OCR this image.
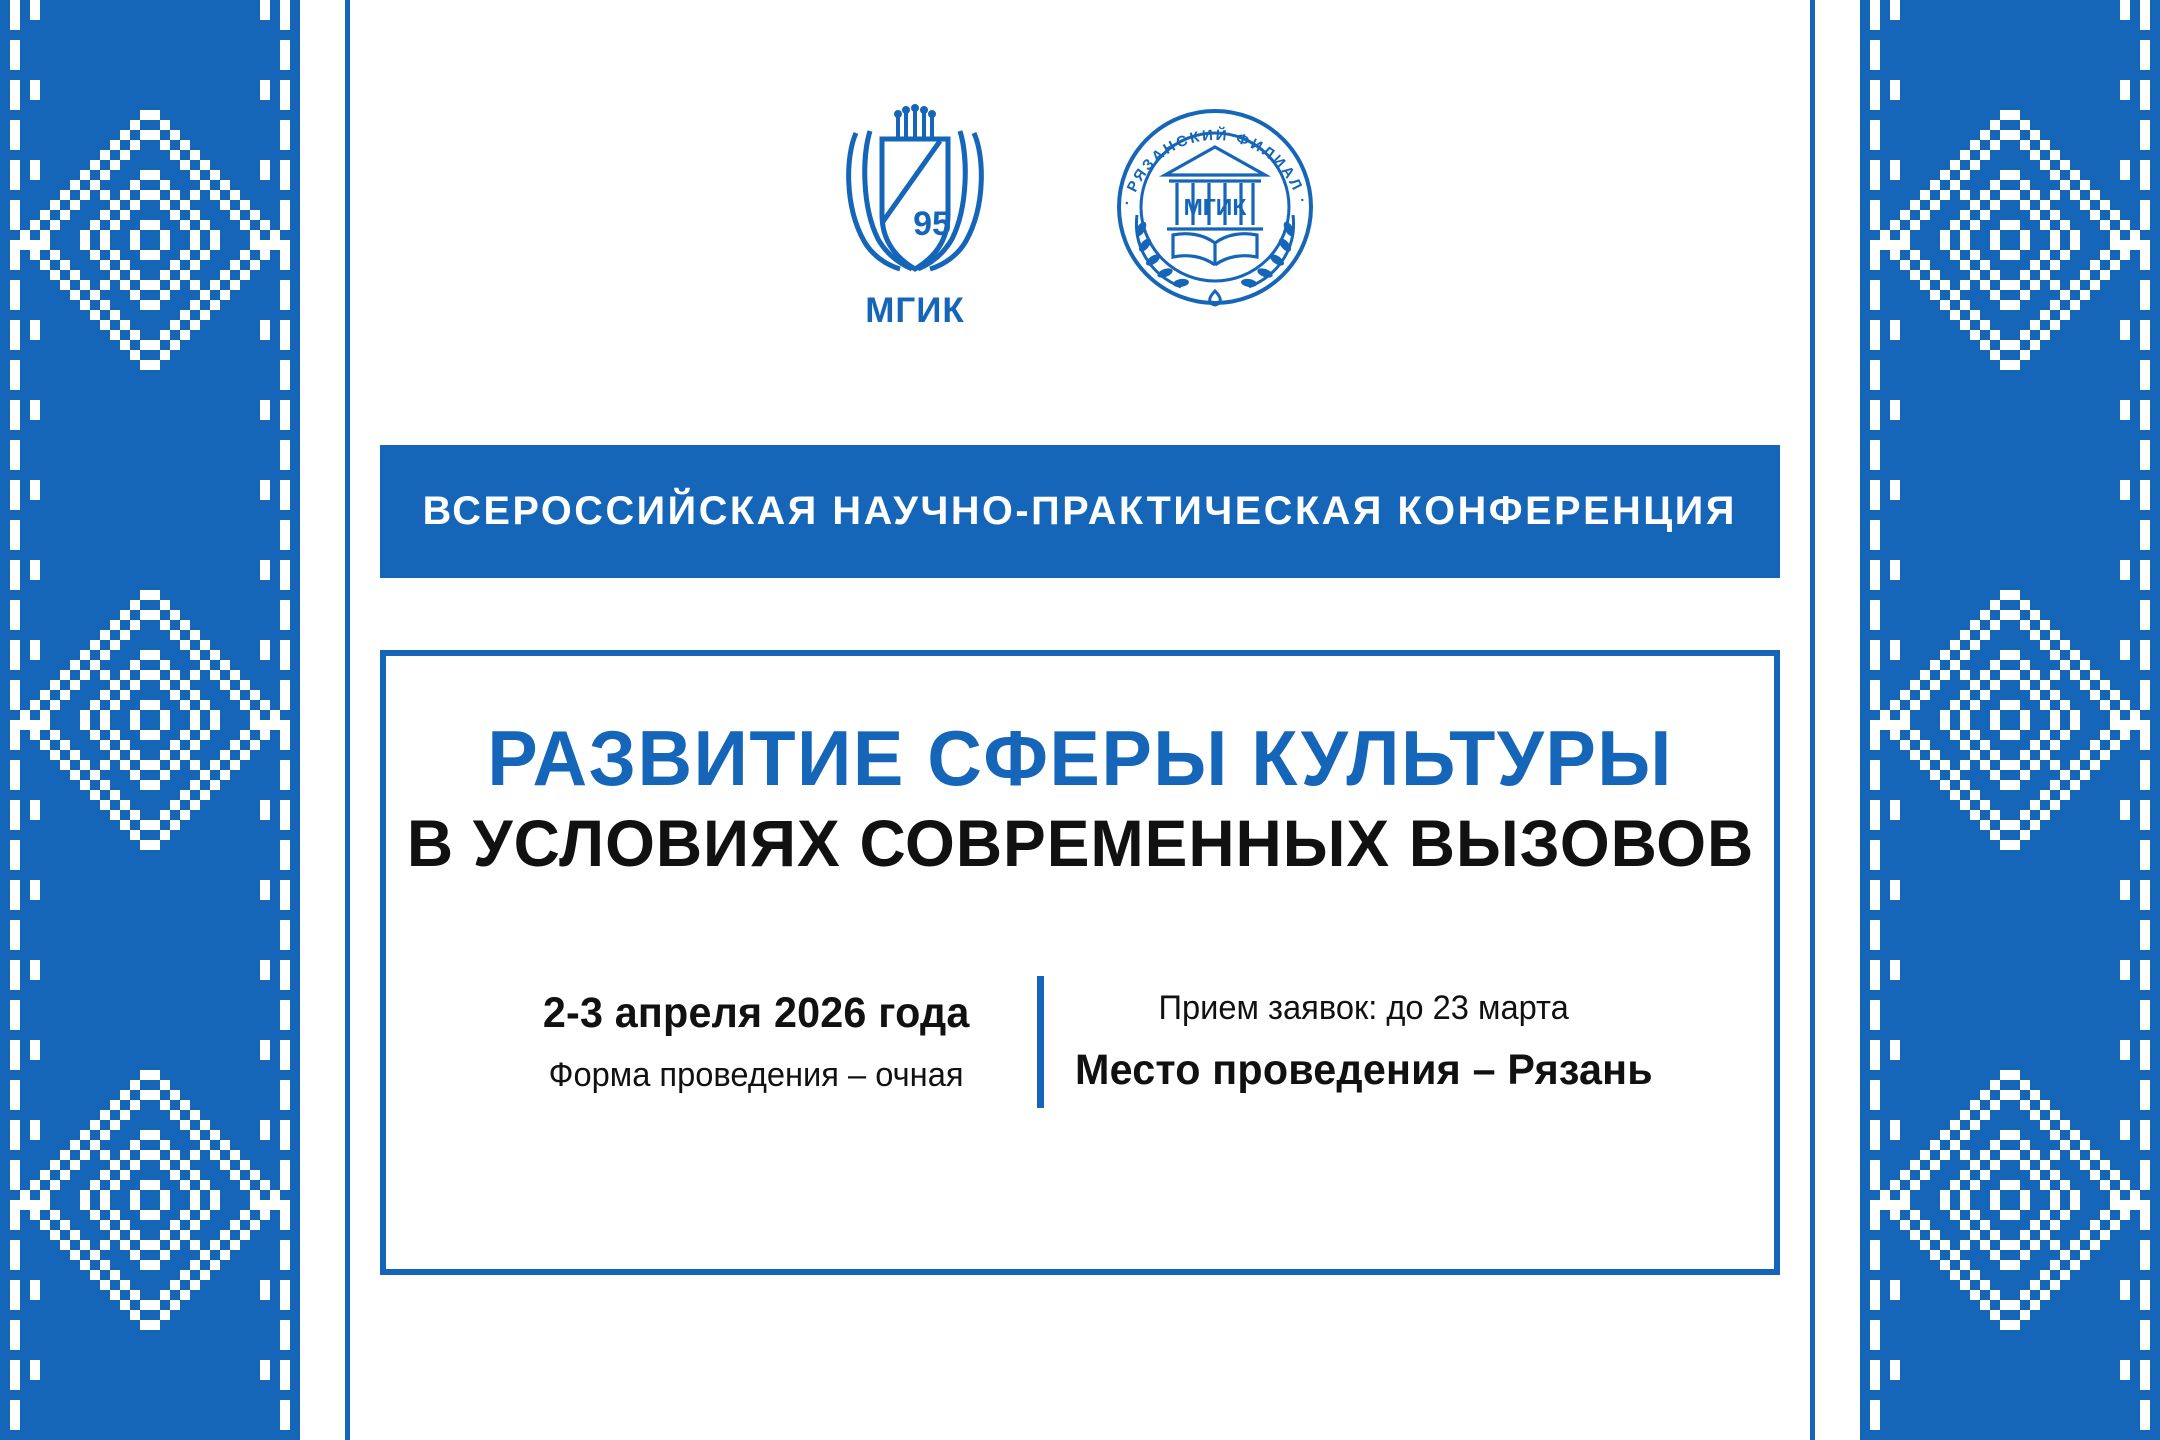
95
МГИК
· РЯЗАНСКИЙ ФИЛИАЛ ·
МГИК
ВСЕРОССИЙСКАЯ НАУЧНО-ПРАКТИЧЕСКАЯ КОНФЕРЕНЦИЯ
РАЗВИТИЕ СФЕРЫ КУЛЬТУРЫ
В УСЛОВИЯХ СОВРЕМЕННЫХ ВЫЗОВОВ
2-3 апреля 2026 года
Форма проведения – очная
Прием заявок: до 23 марта
Место проведения – Рязань
